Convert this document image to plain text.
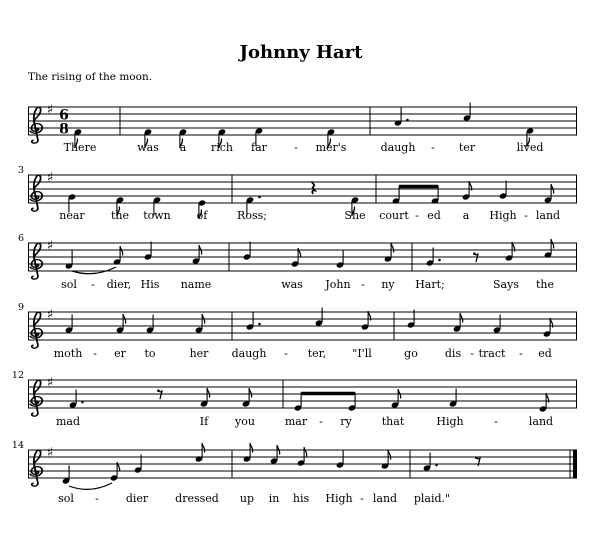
Johnny Hart
The rising of the moon.
♯ 6
8
There	was a rich far - mer's	daugh - ter	lived
♯
3
near the town of	Ross;	She court - ed a High - land
♯
6
sol - dier, His name	was John - ny Hart;	Says the
♯
9
moth - er to	her daugh - ter, "I'll	go dis - tract - ed
♯
12
mad	If you	mar - ry	that	High	-	land
♯
14
sol - dier dressed up in his High - land plaid."
